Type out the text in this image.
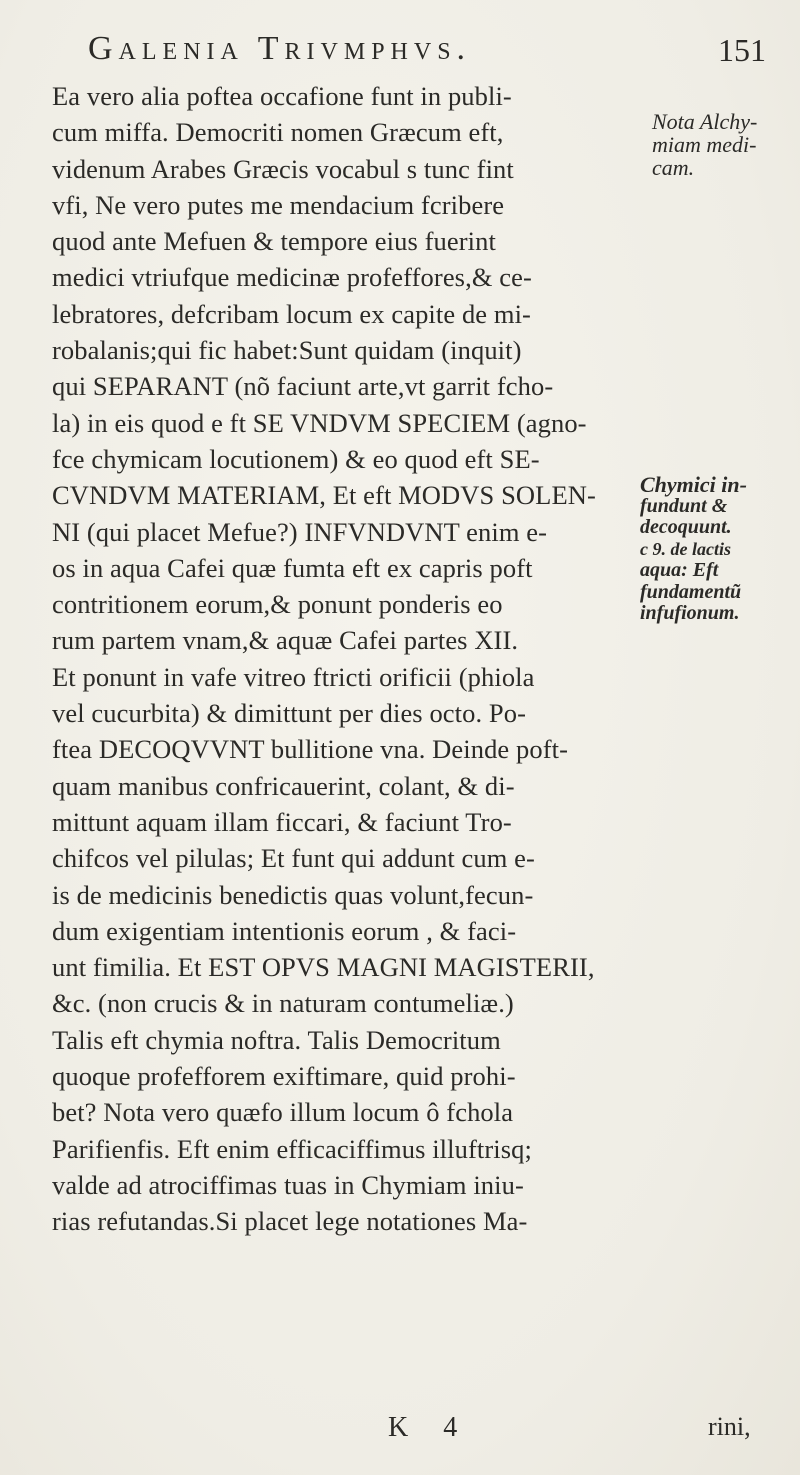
Galenia Trivmphvs.	151
Ea vero alia poftea occafione funt in publi-
cum miffa. Democriti nomen Græcum eft,
videnum Arabes Græcis vocabul s tunc fint
vfi, Ne vero putes me mendacium fcribere
quod ante Mefuen & tempore eius fuerint
medici vtriufque medicinæ profeffores,& ce-
lebratores, defcribam locum ex capite de mi-
robalanis;qui fic habet:Sunt quidam (inquit)
qui SEPARANT (nõ faciunt arte,vt garrit fcho-
la) in eis quod e ft SE VNDVM SPECIEM (agno-
fce chymicam locutionem) & eo quod eft SE-
CVNDVM MATERIAM, Et eft MODVS SOLEN-
NI (qui placet Mefue?) INFVNDVNT enim e-
os in aqua Cafei quæ fumta eft ex capris poft
contritionem eorum,& ponunt ponderis eo
rum partem vnam,& aquæ Cafei partes XII.
Et ponunt in vafe vitreo ftricti orificii (phiola
vel cucurbita) & dimittunt per dies octo. Po-
ftea DECOQVVNT bullitione vna. Deinde poft-
quam manibus confricauerint, colant, & di-
mittunt aquam illam ficcari, & faciunt Tro-
chifcos vel pilulas; Et funt qui addunt cum e-
is de medicinis benedictis quas volunt,fecun-
dum exigentiam intentionis eorum , & faci-
unt fimilia. Et EST OPVS MAGNI MAGISTERII,
&c. (non crucis & in naturam contumeliæ.)
Talis eft chymia noftra. Talis Democritum
quoque profefforem exiftimare, quid prohi-
bet? Nota vero quæfo illum locum ô fchola
Parifienfis. Eft enim efficaciffimus illuftrisq;
valde ad atrociffimas tuas in Chymiam iniu-
rias refutandas.Si placet lege notationes Ma-
Nota Alchy-
miam medi-
cam.
Chymici in-
fundunt &
decoquunt.
c 9. de lactis
aqua: Eft
fundamentũ
infufionum.
K 4	rini,
